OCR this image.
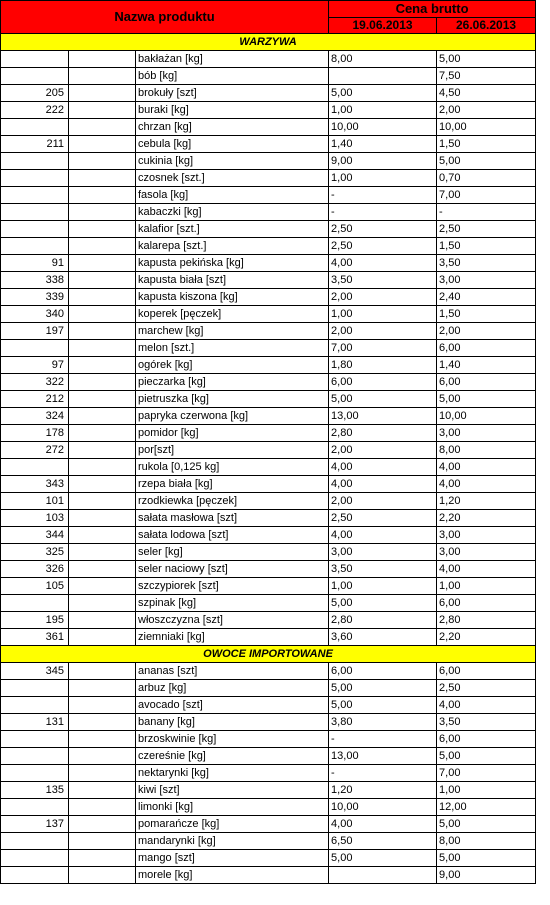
Nazwa produktu			Cena brutto	
			19.06.2013	26.06.2013
WARZYWA				
		bakłażan [kg]	8,00	5,00
		bób [kg]		7,50
205		brokuły [szt]	5,00	4,50
222		buraki [kg]	1,00	2,00
		chrzan [kg]	10,00	10,00
211		cebula [kg]	1,40	1,50
		cukinia [kg]	9,00	5,00
		czosnek [szt.]	1,00	0,70
		fasola [kg]	-	7,00
		kabaczki [kg]	-	-
		kalafior [szt.]	2,50	2,50
		kalarepa [szt.]	2,50	1,50
91		kapusta pekińska [kg]	4,00	3,50
338		kapusta biała [szt]	3,50	3,00
339		kapusta kiszona [kg]	2,00	2,40
340		koperek [pęczek]	1,00	1,50
197		marchew [kg]	2,00	2,00
		melon [szt.]	7,00	6,00
97		ogórek [kg]	1,80	1,40
322		pieczarka [kg]	6,00	6,00
212		pietruszka [kg]	5,00	5,00
324		papryka czerwona [kg]	13,00	10,00
178		pomidor [kg]	2,80	3,00
272		por[szt]	2,00	8,00
		rukola [0,125 kg]	4,00	4,00
343		rzepa biała [kg]	4,00	4,00
101		rzodkiewka [pęczek]	2,00	1,20
103		sałata masłowa [szt]	2,50	2,20
344		sałata lodowa [szt]	4,00	3,00
325		seler [kg]	3,00	3,00
326		seler naciowy [szt]	3,50	4,00
105		szczypiorek [szt]	1,00	1,00
		szpinak [kg]	5,00	6,00
195		włoszczyzna [szt]	2,80	2,80
361		ziemniaki [kg]	3,60	2,20
OWOCE IMPORTOWANE				
345		ananas [szt]	6,00	6,00
		arbuz [kg]	5,00	2,50
		avocado [szt]	5,00	4,00
131		banany [kg]	3,80	3,50
		brzoskwinie [kg]	-	6,00
		czereśnie [kg]	13,00	5,00
		nektarynki [kg]	-	7,00
135		kiwi [szt]	1,20	1,00
		limonki [kg]	10,00	12,00
137		pomarańcze [kg]	4,00	5,00
		mandarynki [kg]	6,50	8,00
		mango [szt]	5,00	5,00
		morele [kg]		9,00
